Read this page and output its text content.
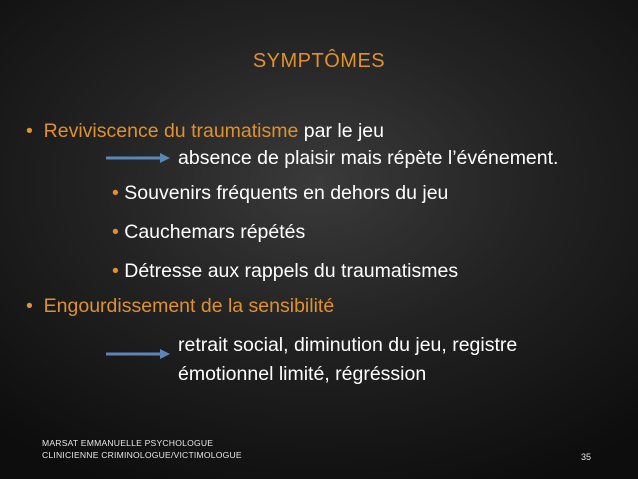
SYMPTÔMES
• Reviviscence du traumatisme par le jeu
absence de plaisir mais répète l’événement.
• Souvenirs fréquents en dehors du jeu
• Cauchemars répétés
• Détresse aux rappels du traumatismes
• Engourdissement de la sensibilité
retrait social, diminution du jeu, registre
émotionnel limité, régréssion
MARSAT EMMANUELLE PSYCHOLOGUE
CLINICIENNE CRIMINOLOGUE/VICTIMOLOGUE	35
